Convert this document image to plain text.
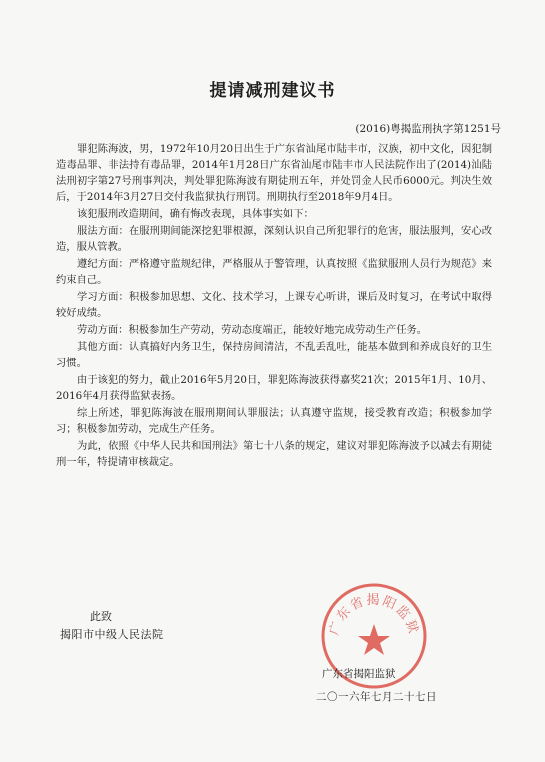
提请减刑建议书
(2016)粤揭监刑执字第1251号

罪犯陈海波，男，1972年10月20日出生于广东省汕尾市陆丰市，汉族，初中文化，因犯制造毒品罪、非法持有毒品罪，2014年1月28日广东省汕尾市陆丰市人民法院作出了(2014)汕陆法刑初字第27号刑事判决，判处罪犯陈海波有期徒刑五年，并处罚金人民币6000元。判决生效后，于2014年3月27日交付我监狱执行刑罚。刑期执行至2018年9月4日。

该犯服刑改造期间，确有悔改表现，具体事实如下：

服法方面：在服刑期间能深挖犯罪根源，深刻认识自己所犯罪行的危害，服法服判，安心改造，服从管教。

遵纪方面：严格遵守监规纪律，严格服从于警管理，认真按照《监狱服刑人员行为规范》来约束自己。

学习方面：积极参加思想、文化、技术学习，上课专心听讲，课后及时复习，在考试中取得较好成绩。

劳动方面：积极参加生产劳动，劳动态度端正，能较好地完成劳动生产任务。

其他方面：认真搞好内务卫生，保持房间清洁，不乱丢乱吐，能基本做到和养成良好的卫生习惯。

由于该犯的努力，截止2016年5月20日，罪犯陈海波获得嘉奖21次；2015年1月、10月、2016年4月获得监狱表扬。

综上所述，罪犯陈海波在服刑期间认罪服法；认真遵守监规，接受教育改造；积极参加学习；积极参加劳动，完成生产任务。

为此，依照《中华人民共和国刑法》第七十八条的规定，建议对罪犯陈海波予以减去有期徒刑一年，特提请审核裁定。

此致
揭阳市中级人民法院	广东省揭阳监狱
广东省揭阳监狱
二〇一六年七月二十七日
